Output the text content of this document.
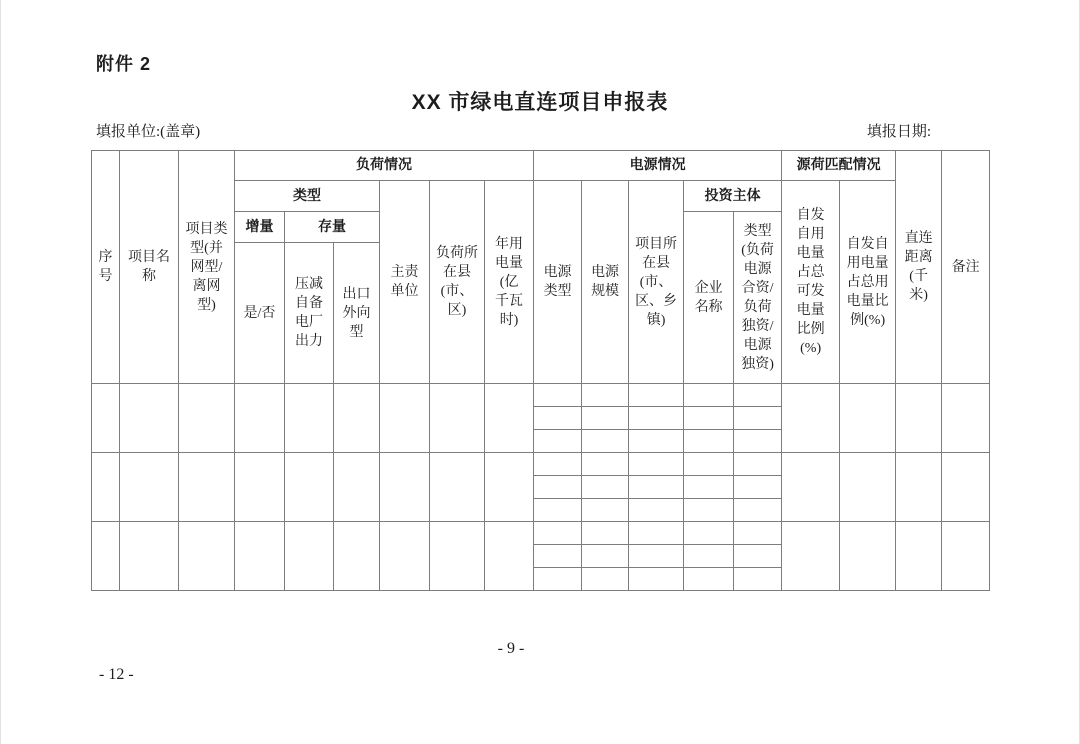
附件 2
XX 市绿电直连项目申报表
填报单位:(盖章)	填报日期:
序号	项目名称	项目类型(并网型/离网型)	负荷情况						电源情况					源荷匹配情况		直连距离(千米)	备注
			类型			主责单位	负荷所在县(市、区)	年用电量(亿千瓦时)	电源类型	电源规模	项目所在县(市、区、乡镇)	投资主体		自发自用电量占总可发电量比例(%)	自发自用电量占总用电量比例(%)		
			增量	存量								企业名称	类型(负荷电源合资/负荷独资/电源独资)				
			是/否	压减自备电厂出力	出口外向型												

- 9 -
- 12 -
